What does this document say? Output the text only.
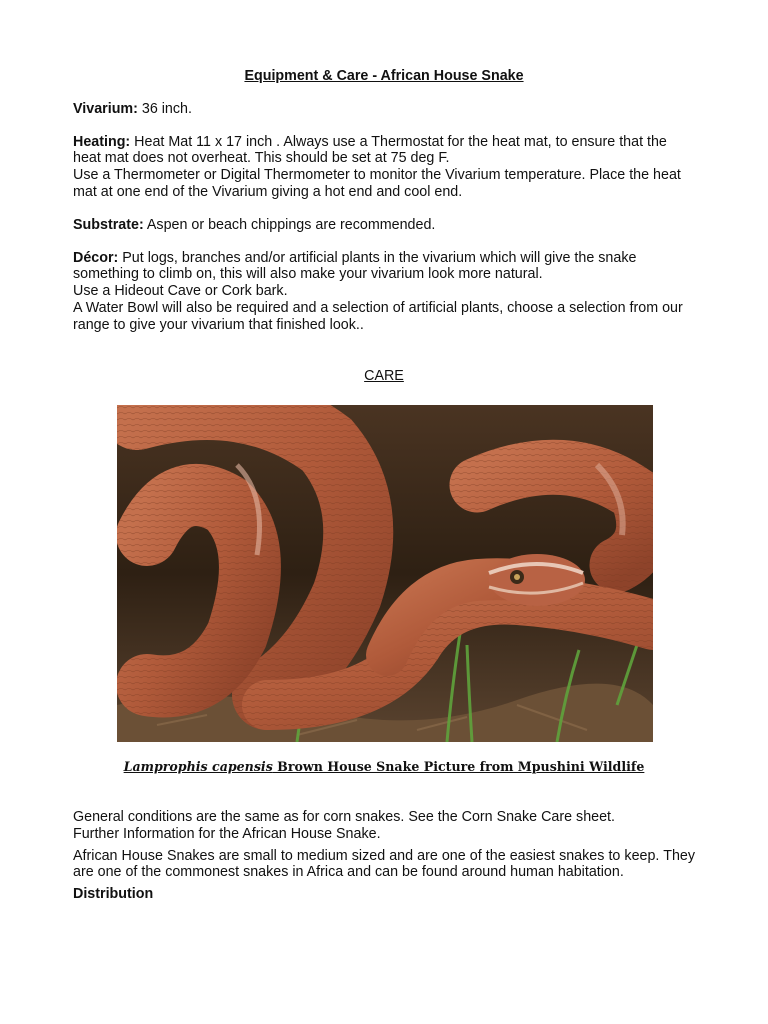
Equipment & Care - African House Snake
Vivarium: 36 inch.
Heating: Heat Mat 11 x 17 inch . Always use a Thermostat for the heat mat, to ensure that the heat mat does not overheat. This should be set at 75 deg F.
Use a Thermometer or Digital Thermometer to monitor the Vivarium temperature. Place the heat mat at one end of the Vivarium giving a hot end and cool end.
Substrate: Aspen or beach chippings are recommended.
Décor: Put logs, branches and/or artificial plants in the vivarium which will give the snake something to climb on, this will also make your vivarium look more natural.
Use a Hideout Cave or Cork bark.
A Water Bowl will also be required and a selection of artificial plants, choose a selection from our range to give your vivarium that finished look..
CARE
Lamprophis capensis Brown House Snake Picture from Mpushini Wildlife
General conditions are the same as for corn snakes. See the Corn Snake Care sheet.
Further Information for the African House Snake.
African House Snakes are small to medium sized and are one of the easiest snakes to keep. They are one of the commonest snakes in Africa and can be found around human habitation.
Distribution
